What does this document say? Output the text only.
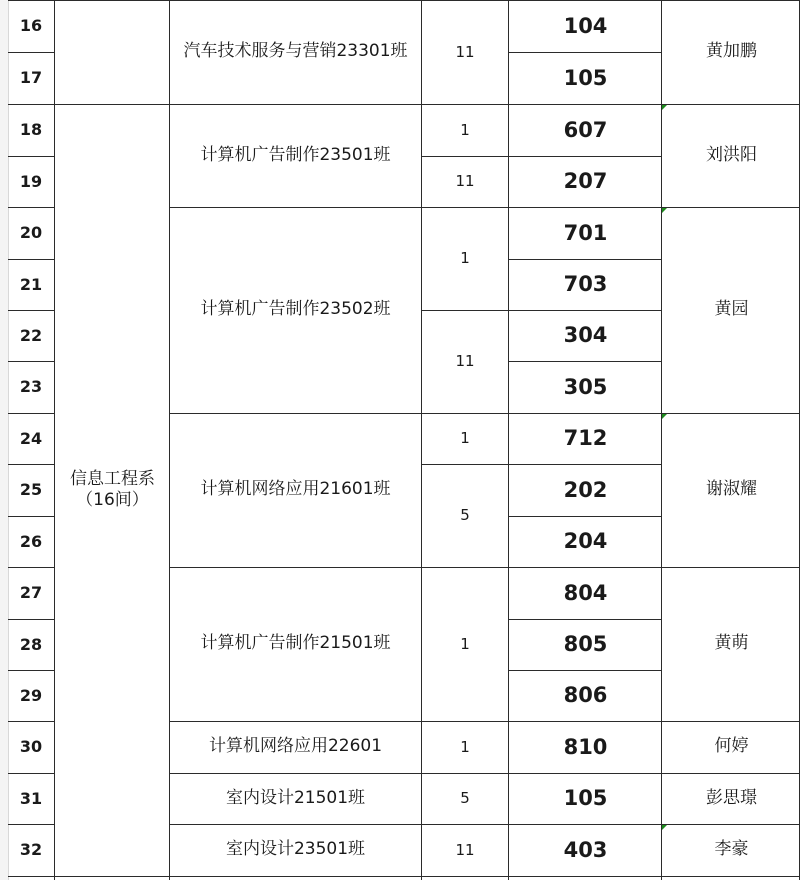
16
17
18
19
20
21
22
23
24
25
26
27
28
29
30
31
32
信息工程系
（16间）
汽车技术服务与营销23301班
计算机广告制作23501班
计算机广告制作23502班
计算机网络应用21601班
计算机广告制作21501班
计算机网络应用22601
室内设计21501班
室内设计23501班
11
1
11
1
11
1
5
1
1
5
11
104
105
607
207
701
703
304
305
712
202
204
804
805
806
810
105
403
黄加鹏
刘洪阳
黄园
谢淑耀
黄萌
何婷
彭思璟
李豪
